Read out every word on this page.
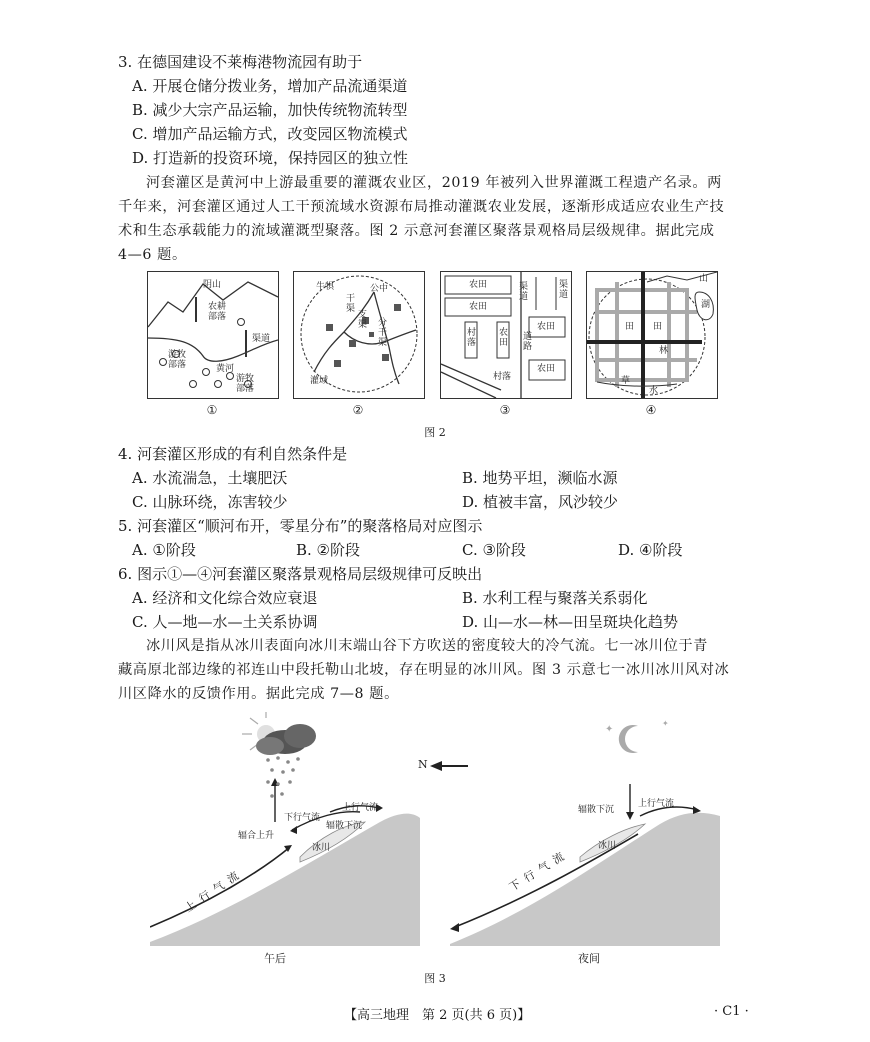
3. 在德国建设不莱梅港物流园有助于
A. 开展仓储分拨业务，增加产品流通渠道
B. 减少大宗产品运输，加快传统物流转型
C. 增加产品运输方式，改变园区物流模式
D. 打造新的投资环境，保持园区的独立性
河套灌区是黄河中上游最重要的灌溉农业区，2019 年被列入世界灌溉工程遗产名录。两
千年来，河套灌区通过人工干预流域水资源布局推动灌溉农业发展，逐渐形成适应农业生产技
术和生态承载能力的流域灌溉型聚落。图 2 示意河套灌区聚落景观格局层级规律。据此完成
4—6 题。
阴山
农耕部落
渠道
游牧部落	黄河
游牧部落
牛犋
干渠
公中
支渠 分干渠
灌域
农田
农田
渠道
渠道
村落
农田
农田
道路
农田
村落
山
湖
田 田
林
草
水
①	②	③	④
图 2
4. 河套灌区形成的有利自然条件是
A. 水流湍急，土壤肥沃	B. 地势平坦，濒临水源
C. 山脉环绕，冻害较少	D. 植被丰富，风沙较少
5. 河套灌区“顺河布开，零星分布”的聚落格局对应图示
A. ①阶段	B. ②阶段	C. ③阶段	D. ④阶段
6. 图示①—④河套灌区聚落景观格局层级规律可反映出
A. 经济和文化综合效应衰退	B. 水利工程与聚落关系弱化
C. 人—地—水—土关系协调	D. 山—水—林—田呈斑块化趋势
冰川风是指从冰川表面向冰川末端山谷下方吹送的密度较大的冷气流。七一冰川位于青
藏高原北部边缘的祁连山中段托勒山北坡，存在明显的冰川风。图 3 示意七一冰川冰川风对冰
川区降水的反馈作用。据此完成 7—8 题。
✦
✦
N
辐合上升
下行气流
上行气流
辐散下沉
冰川
上行气流
辐散下沉
上行气流
冰川
下行气流
午后	夜间
图 3
【高三地理　第 2 页(共 6 页)】	· C1 ·
